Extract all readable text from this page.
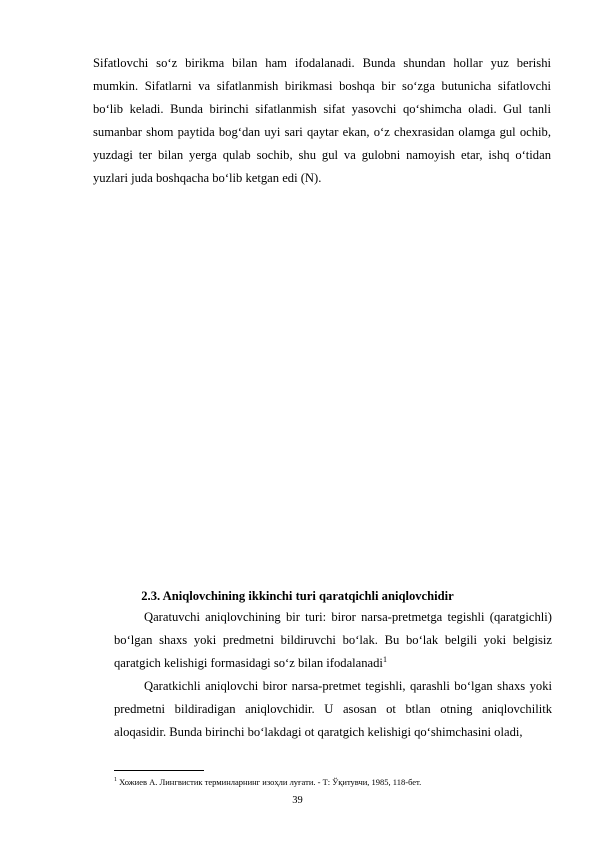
Sifatlovchi so‘z birikma bilan ham ifodalanadi. Bunda shundan hollar yuz berishi mumkin. Sifatlarni va sifatlanmish birikmasi boshqa bir so‘zga butunicha sifatlovchi bo‘lib keladi. Bunda birinchi sifatlanmish sifat yasovchi qo‘shimcha oladi. Gul tanli sumanbar shom paytida bog‘dan uyi sari qaytar ekan, o‘z chexrasidan olamga gul ochib, yuzdagi ter bilan yerga qulab sochib, shu gul va gulobni namoyish etar, ishq o‘tidan yuzlari juda boshqacha bo‘lib ketgan edi (N).
2.3. Aniqlovchining ikkinchi turi qaratqichli aniqlovchidir

Qaratuvchi aniqlovchining bir turi: biror narsa-pretmetga tegishli (qaratgichli) bo‘lgan shaxs yoki predmetni bildiruvchi bo‘lak. Bu bo‘lak belgili yoki belgisiz qaratgich kelishigi formasidagi so‘z bilan ifodalanadi$^1$

Qaratkichli aniqlovchi biror narsa-pretmet tegishli, qarashli bo‘lgan shaxs yoki predmetni bildiradigan aniqlovchidir. U asosan ot btlan otning aniqlovchilitk aloqasidir. Bunda birinchi bo‘lakdagi ot qaratgich kelishigi qo‘shimchasini oladi,

$^1$ Хожиев А. Лингвистик терминларнинг изоҳли луғати. - Т: Ўқитувчи, 1985, 118-бет.
39
